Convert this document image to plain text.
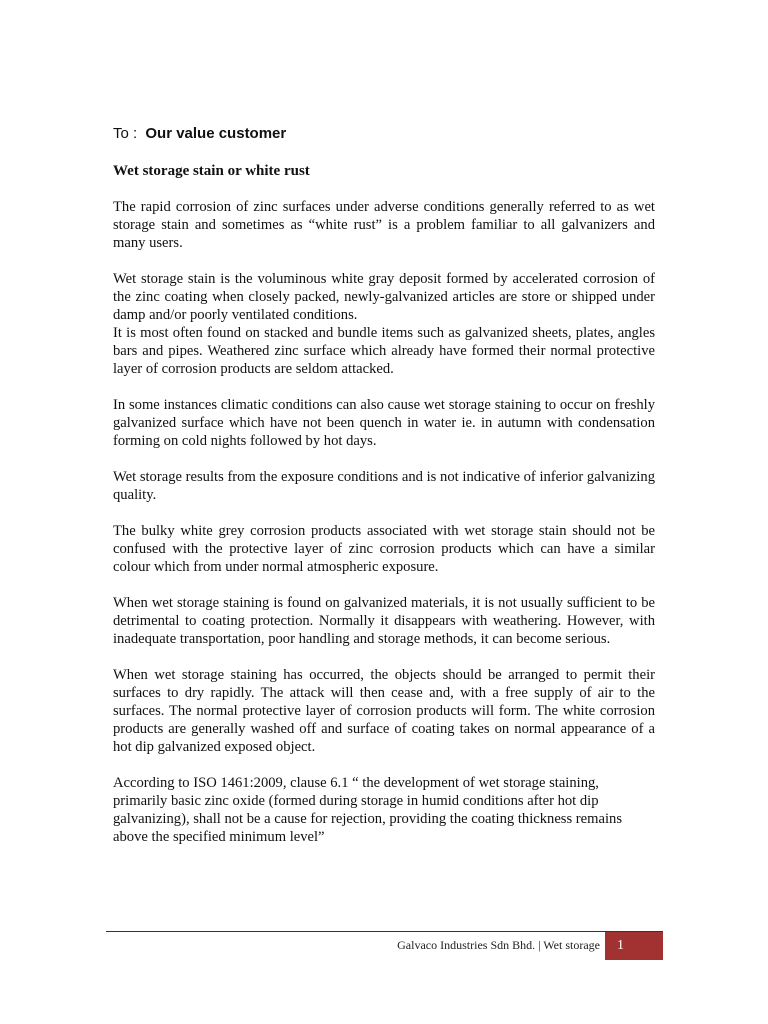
To : Our value customer
Wet storage stain or white rust

The rapid corrosion of zinc surfaces under adverse conditions generally referred to as wet storage stain and sometimes as “white rust” is a problem familiar to all galvanizers and many users.

Wet storage stain is the voluminous white gray deposit formed by accelerated corrosion of the zinc coating when closely packed, newly-galvanized articles are store or shipped under damp and/or poorly ventilated conditions.

It is most often found on stacked and bundle items such as galvanized sheets, plates, angles bars and pipes. Weathered zinc surface which already have formed their normal protective layer of corrosion products are seldom attacked.

In some instances climatic conditions can also cause wet storage staining to occur on freshly galvanized surface which have not been quench in water ie. in autumn with condensation forming on cold nights followed by hot days.

Wet storage results from the exposure conditions and is not indicative of inferior galvanizing quality.

The bulky white grey corrosion products associated with wet storage stain should not be confused with the protective layer of zinc corrosion products which can have a similar colour which from under normal atmospheric exposure.

When wet storage staining is found on galvanized materials, it is not usually sufficient to be detrimental to coating protection. Normally it disappears with weathering. However, with inadequate transportation, poor handling and storage methods, it can become serious.

When wet storage staining has occurred, the objects should be arranged to permit their surfaces to dry rapidly. The attack will then cease and, with a free supply of air to the surfaces. The normal protective layer of corrosion products will form. The white corrosion products are generally washed off and surface of coating takes on normal appearance of a hot dip galvanized exposed object.

According to ISO 1461:2009, clause 6.1 “ the development of wet storage staining, primarily basic zinc oxide (formed during storage in humid conditions after hot dip galvanizing), shall not be a cause for rejection, providing the coating thickness remains above the specified minimum level”

Galvaco Industries Sdn Bhd. | Wet storage	1
